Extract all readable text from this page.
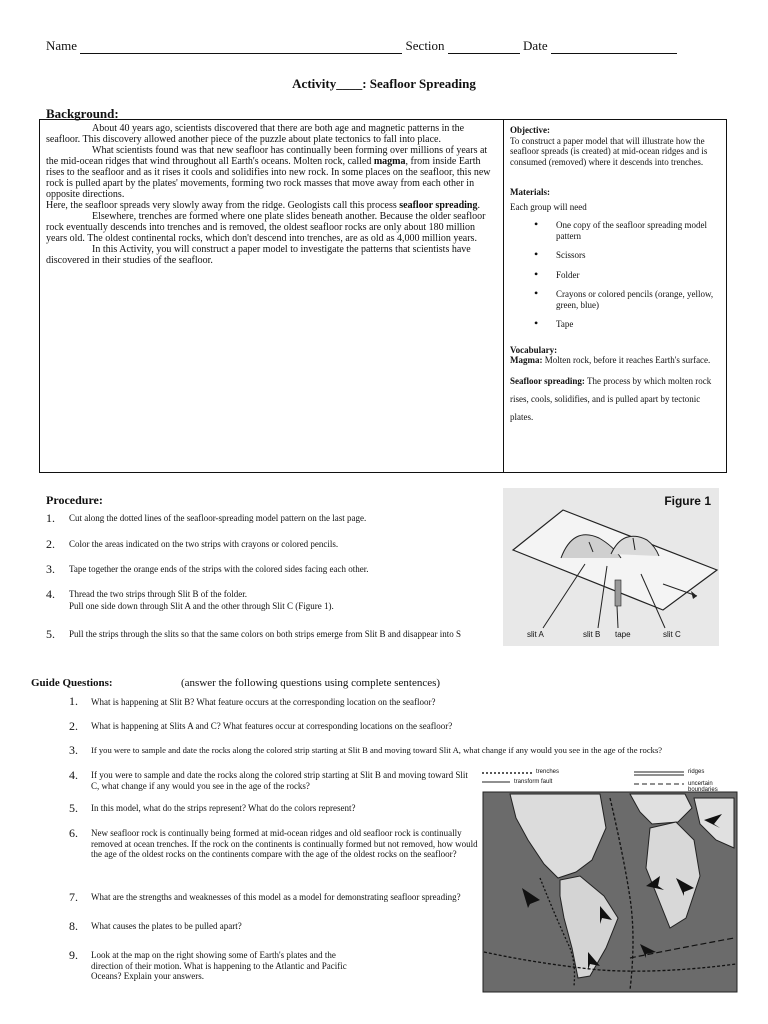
Name	Section	Date
Activity____: Seafloor Spreading
Background:
About 40 years ago, scientists discovered that there are both age and magnetic patterns in the seafloor. This discovery allowed another piece of the puzzle about plate tectonics to fall into place.
What scientists found was that new seafloor has continually been forming over millions of years at the mid-ocean ridges that wind throughout all Earth's oceans. Molten rock, called magma, from inside Earth rises to the seafloor and as it rises it cools and solidifies into new rock. In some places on the seafloor, this new rock is pulled apart by the plates' movements, forming two rock masses that move away from each other in opposite directions.
Here, the seafloor spreads very slowly away from the ridge. Geologists call this process seafloor spreading.
Elsewhere, trenches are formed where one plate slides beneath another. Because the older seafloor rock eventually descends into trenches and is removed, the oldest seafloor rocks are only about 180 million years old. The oldest continental rocks, which don't descend into trenches, are as old as 4,000 million years.
In this Activity, you will construct a paper model to investigate the patterns that scientists have discovered in their studies of the seafloor.
Objective:
To construct a paper model that will illustrate how the seafloor spreads (is created) at mid-ocean ridges and is consumed (removed) where it descends into trenches.
Materials:
Each group will need
• One copy of the seafloor spreading model pattern
• Scissors
• Folder
• Crayons or colored pencils (orange, yellow, green, blue)
• Tape
Vocabulary:
Magma: Molten rock, before it reaches Earth's surface.
Seafloor spreading: The process by which molten rock rises, cools, solidifies, and is pulled apart by tectonic plates.
Procedure:
1.	Cut along the dotted lines of the seafloor-spreading model pattern on the last page.
2.	Color the areas indicated on the two strips with crayons or colored pencils.
3.	Tape together the orange ends of the strips with the colored sides facing each other.
4.	Thread the two strips through Slit B of the folder.
Pull one side down through Slit A and the other through Slit C (Figure 1).
5.	Pull the strips through the slits so that the same colors on both strips emerge from Slit B and disappear into S
Figure 1
slit A	slit B tape	slit C
Guide Questions:	(answer the following questions using complete sentences)
1.	What is happening at Slit B? What feature occurs at the corresponding location on the seafloor?
2.	What is happening at Slits A and C? What features occur at corresponding locations on the seafloor?
3.	If you were to sample and date the rocks along the colored strip starting at Slit B and moving toward Slit A, what change if any would you see in the age of the rocks?
4.	If you were to sample and date the rocks along the colored strip starting at Slit B and moving toward Slit C, what change if any would you see in the age of the rocks?
5.	In this model, what do the strips represent? What do the colors represent?
6.	New seafloor rock is continually being formed at mid-ocean ridges and old seafloor rock is continually removed at ocean trenches. If the rock on the continents is continually formed but not removed, how would the age of the oldest rocks on the continents compare with the age of the oldest rocks on the seafloor?
7.	What are the strengths and weaknesses of this model as a model for demonstrating seafloor spreading?
8.	What causes the plates to be pulled apart?
9.	Look at the map on the right showing some of Earth's plates and the direction of their motion. What is happening to the Atlantic and Pacific Oceans? Explain your answers.
trenches	ridges
transform fault	uncertain boundaries
